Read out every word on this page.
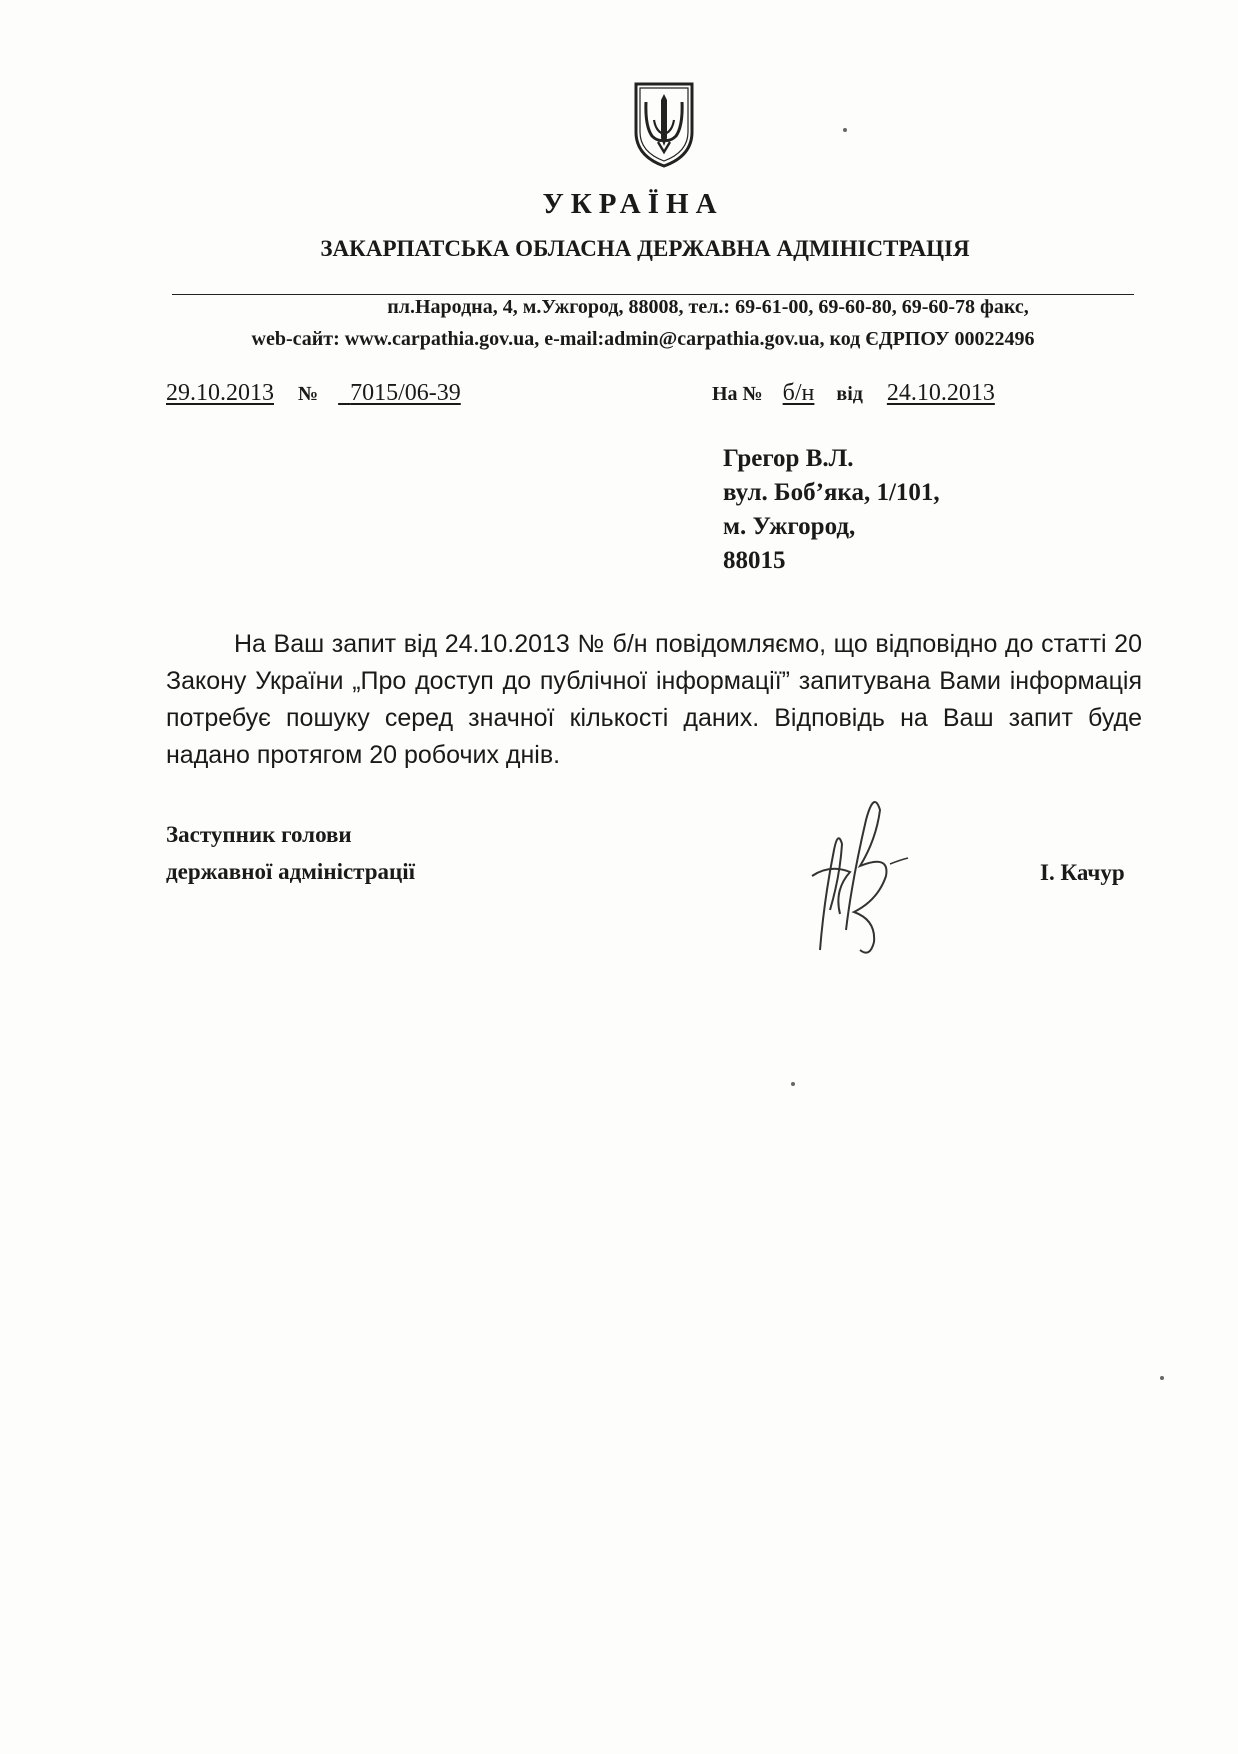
УКРАЇНА
ЗАКАРПАТСЬКА ОБЛАСНА ДЕРЖАВНА АДМІНІСТРАЦІЯ
пл.Народна, 4, м.Ужгород, 88008, тел.: 69-61-00, 69-60-80, 69-60-78 факс,
web-сайт: www.carpathia.gov.ua, e-mail:admin@carpathia.gov.ua, код ЄДРПОУ 00022496
29.10.2013 № 7015/06-39	На № б/н від 24.10.2013
Грегор В.Л.
вул. Боб’яка, 1/101,
м. Ужгород,
88015
На Ваш запит від 24.10.2013 № б/н повідомляємо, що відповідно до статті 20 Закону України „Про доступ до публічної інформації” запитувана Вами інформація потребує пошуку серед значної кількості даних. Відповідь на Ваш запит буде надано протягом 20 робочих днів.
Заступник голови
державної адміністрації	І. Качур
